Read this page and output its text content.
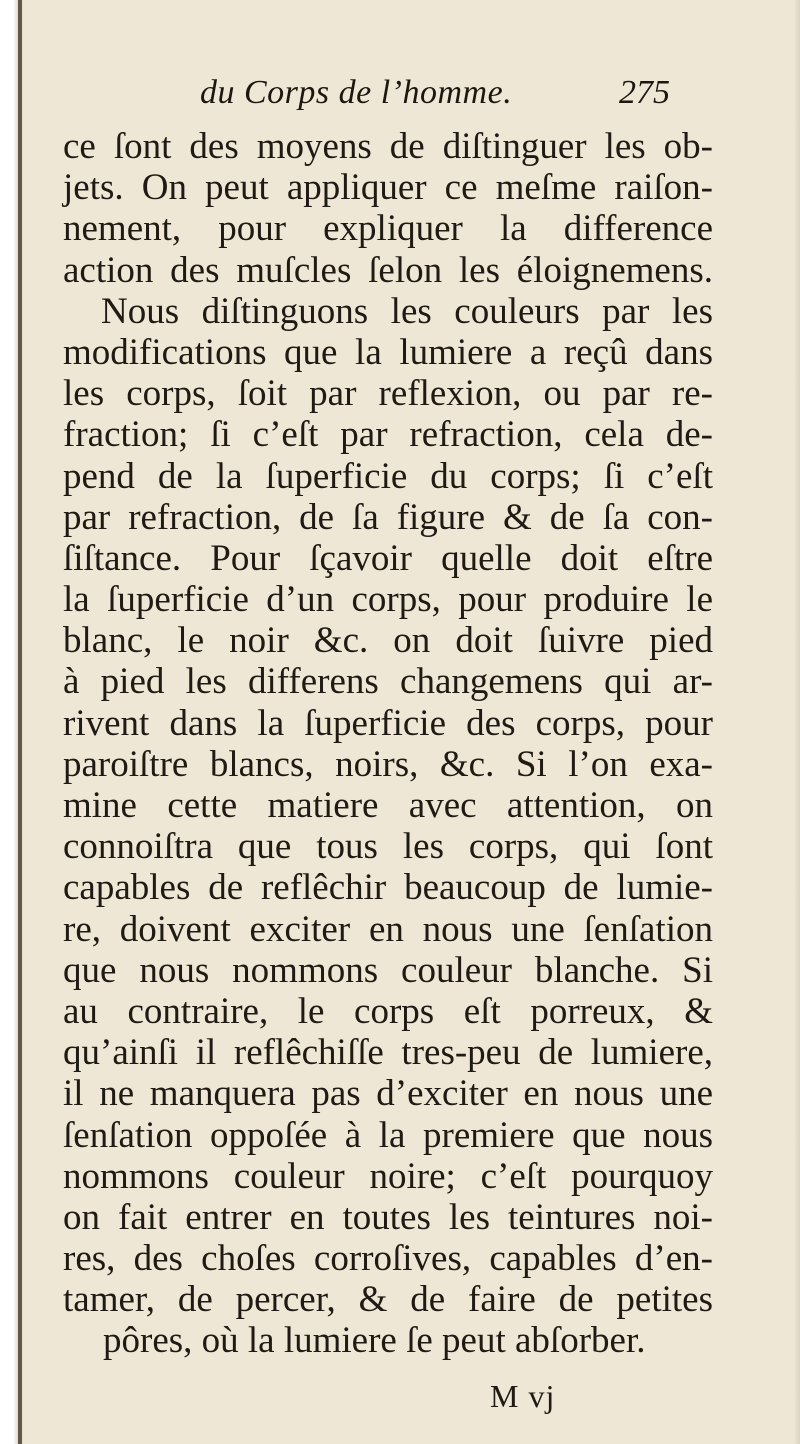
du Corps de l’homme.	275
ce ſont des moyens de diſtinguer les ob-
jets. On peut appliquer ce meſme raiſon-
nement, pour expliquer la difference
action des muſcles ſelon les éloignemens.
Nous diſtinguons les couleurs par les
modifications que la lumiere a reçû dans
les corps, ſoit par reflexion, ou par re-
fraction; ſi c’eſt par refraction, cela de-
pend de la ſuperficie du corps; ſi c’eſt
par refraction, de ſa figure & de ſa con-
ſiſtance. Pour ſçavoir quelle doit eſtre
la ſuperficie d’un corps, pour produire le
blanc, le noir &c. on doit ſuivre pied
à pied les differens changemens qui ar-
rivent dans la ſuperficie des corps, pour
paroiſtre blancs, noirs, &c. Si l’on exa-
mine cette matiere avec attention, on
connoiſtra que tous les corps, qui ſont
capables de reflêchir beaucoup de lumie-
re, doivent exciter en nous une ſenſation
que nous nommons couleur blanche. Si
au contraire, le corps eſt porreux, &
qu’ainſi il reflêchiſſe tres-peu de lumiere,
il ne manquera pas d’exciter en nous une
ſenſation oppoſée à la premiere que nous
nommons couleur noire; c’eſt pourquoy
on fait entrer en toutes les teintures noi-
res, des choſes corroſives, capables d’en-
tamer, de percer, & de faire de petites
pôres, où la lumiere ſe peut abſorber.
M vj
